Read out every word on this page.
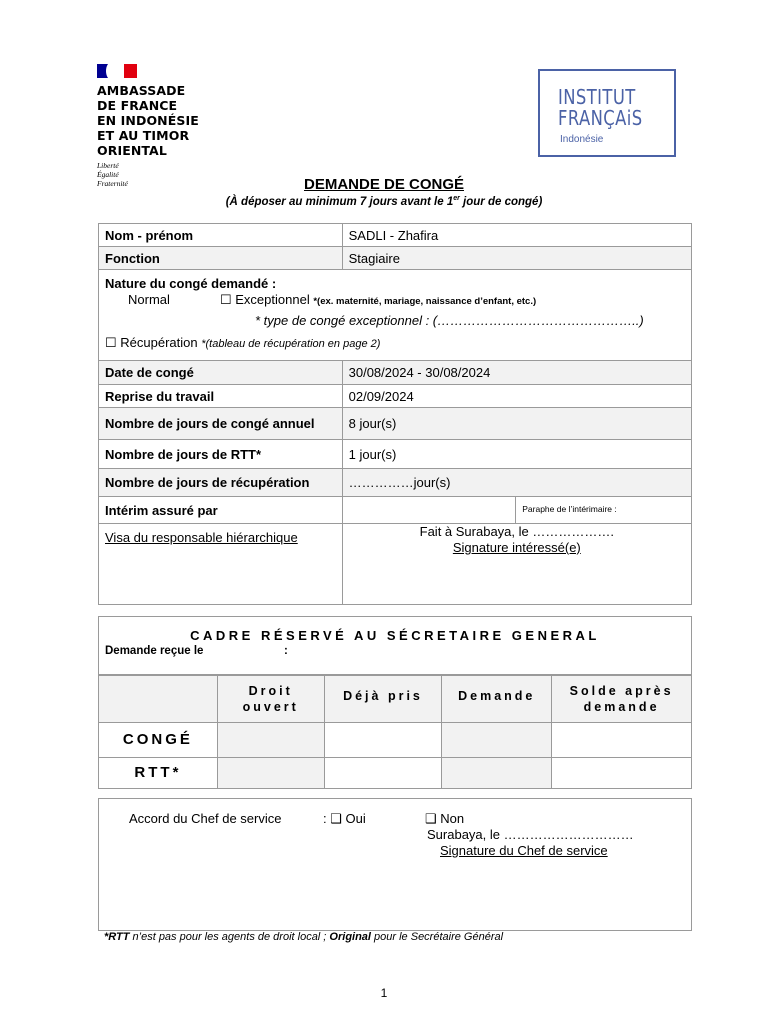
AMBASSADE
DE FRANCE
EN INDONÉSIE
ET AU TIMOR
ORIENTAL
Liberté
Égalité
Fraternité
INSTITUT
FRANÇAiS
Indonésie
DEMANDE DE CONGÉ
(À déposer au minimum 7 jours avant le 1er jour de congé)
Nom - prénom	SADLI - Zhafira	
Fonction	Stagiaire	

Nature du congé demandé :
Normal ☐ Exceptionnel *(ex. maternité, mariage, naissance d’enfant, etc.)
* type de congé exceptionnel : (………………………………………..)
☐ Récupération *(tableau de récupération en page 2)		

Date de congé	30/08/2024 - 30/08/2024	
Reprise du travail	02/09/2024	
Nombre de jours de congé annuel	8 jour(s)	
Nombre de jours de RTT*	1 jour(s)	
Nombre de jours de récupération	……………jour(s)	
Intérim assuré par		Paraphe de l’intérimaire :
Visa du responsable hiérarchique	Fait à Surabaya, le ……………….
Signature intéressé(e)	
CADRE RÉSERVÉ AU SÉCRETAIRE GENERAL
Demande reçue le	:
	Droit ouvert	Déjà pris	Demande	Solde après demande
CONGÉ				
RTT*				
Accord du Chef de service	: ❑ Oui	❑ Non
Surabaya, le …………………………
Signature du Chef de service
*RTT n’est pas pour les agents de droit local ; Original pour le Secrétaire Général
1
